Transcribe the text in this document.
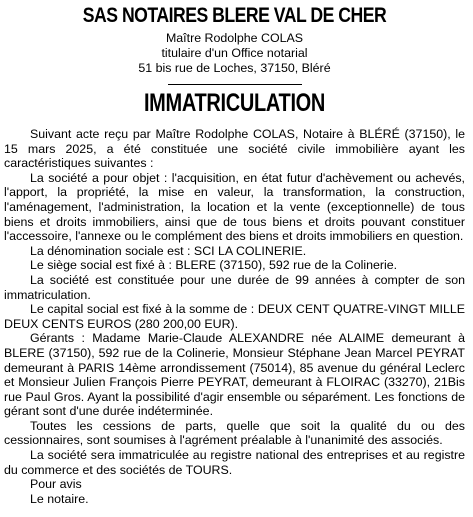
SAS NOTAIRES BLERE VAL DE CHER
Maître Rodolphe COLAS
titulaire d'un Office notarial
51 bis rue de Loches, 37150, Bléré
IMMATRICULATION

Suivant acte reçu par Maître Rodolphe COLAS, Notaire à BLÉRÉ (37150), le 15 mars 2025, a été constituée une société civile immobilière ayant les caractéristiques suivantes :

La société a pour objet : l'acquisition, en état futur d'achèvement ou achevés, l'apport, la propriété, la mise en valeur, la transformation, la construction, l'aménagement, l'administration, la location et la vente (exceptionnelle) de tous biens et droits immobiliers, ainsi que de tous biens et droits pouvant constituer l'accessoire, l'annexe ou le complément des biens et droits immobiliers en question.

La dénomination sociale est : SCI LA COLINERIE.

Le siège social est fixé à : BLERE (37150), 592 rue de la Colinerie.

La société est constituée pour une durée de 99 années à compter de son immatriculation.

Le capital social est fixé à la somme de : DEUX CENT QUATRE-VINGT MILLE DEUX CENTS EUROS (280 200,00 EUR).

Gérants : Madame Marie-Claude ALEXANDRE née ALAIME demeurant à BLERE (37150), 592 rue de la Colinerie, Monsieur Stéphane Jean Marcel PEYRAT demeurant à PARIS 14ème arrondissement (75014), 85 avenue du général Leclerc et Monsieur Julien François Pierre PEYRAT, demeurant à FLOIRAC (33270), 21Bis rue Paul Gros. Ayant la possibilité d'agir ensemble ou séparément. Les fonctions de gérant sont d'une durée indéterminée.

Toutes les cessions de parts, quelle que soit la qualité du ou des cessionnaires, sont soumises à l'agrément préalable à l'unanimité des associés.

La société sera immatriculée au registre national des entreprises et au registre du commerce et des sociétés de TOURS.

Pour avis

Le notaire.
